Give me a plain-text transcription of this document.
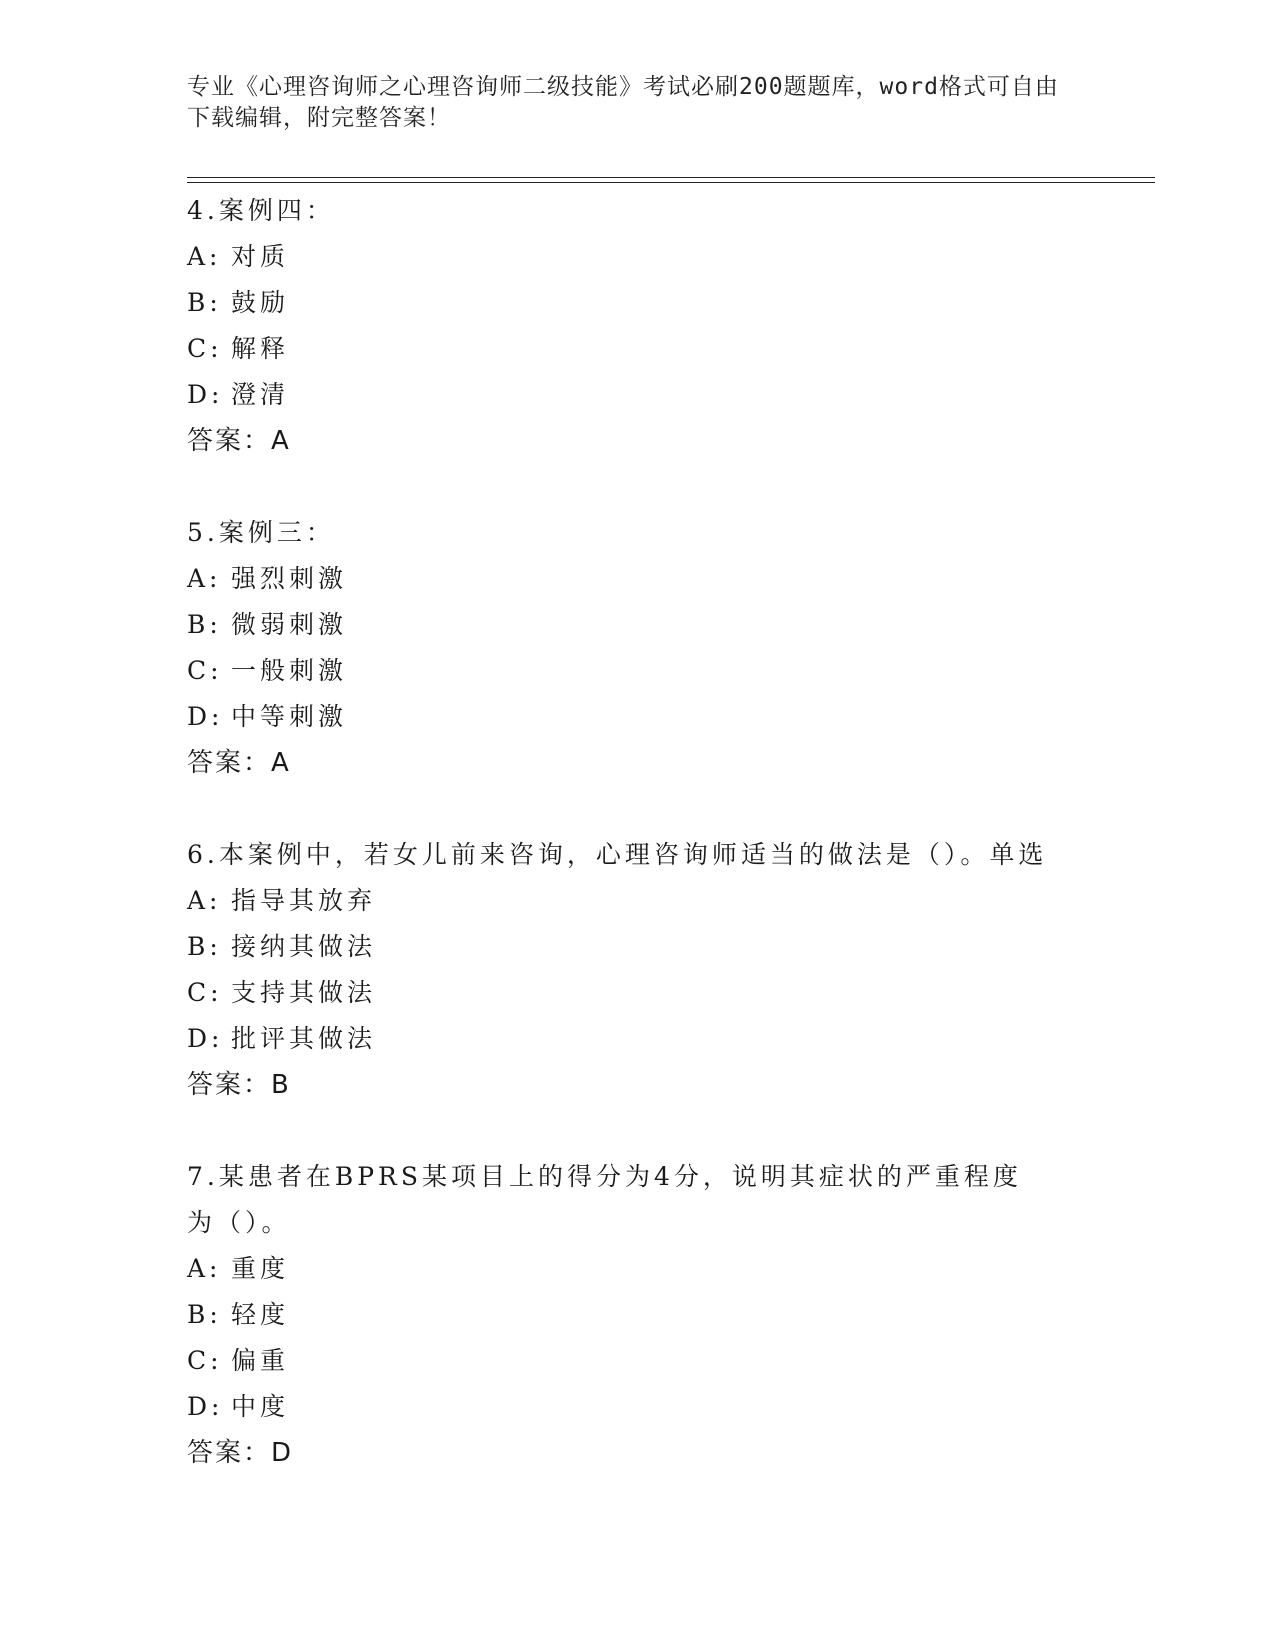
专业《心理咨询师之心理咨询师二级技能》考试必刷200题题库，word格式可自由下载编辑，附完整答案！
4.案例四：
A: 对质
B: 鼓励
C: 解释
D: 澄清
答案：A
5.案例三：
A: 强烈刺激
B: 微弱刺激
C: 一般刺激
D: 中等刺激
答案：A
6.本案例中，若女儿前来咨询，心理咨询师适当的做法是（）。单选
A: 指导其放弃
B: 接纳其做法
C: 支持其做法
D: 批评其做法
答案：B
7.某患者在BPRS某项目上的得分为4分，说明其症状的严重程度为（）。
A: 重度
B: 轻度
C: 偏重
D: 中度
答案：D
